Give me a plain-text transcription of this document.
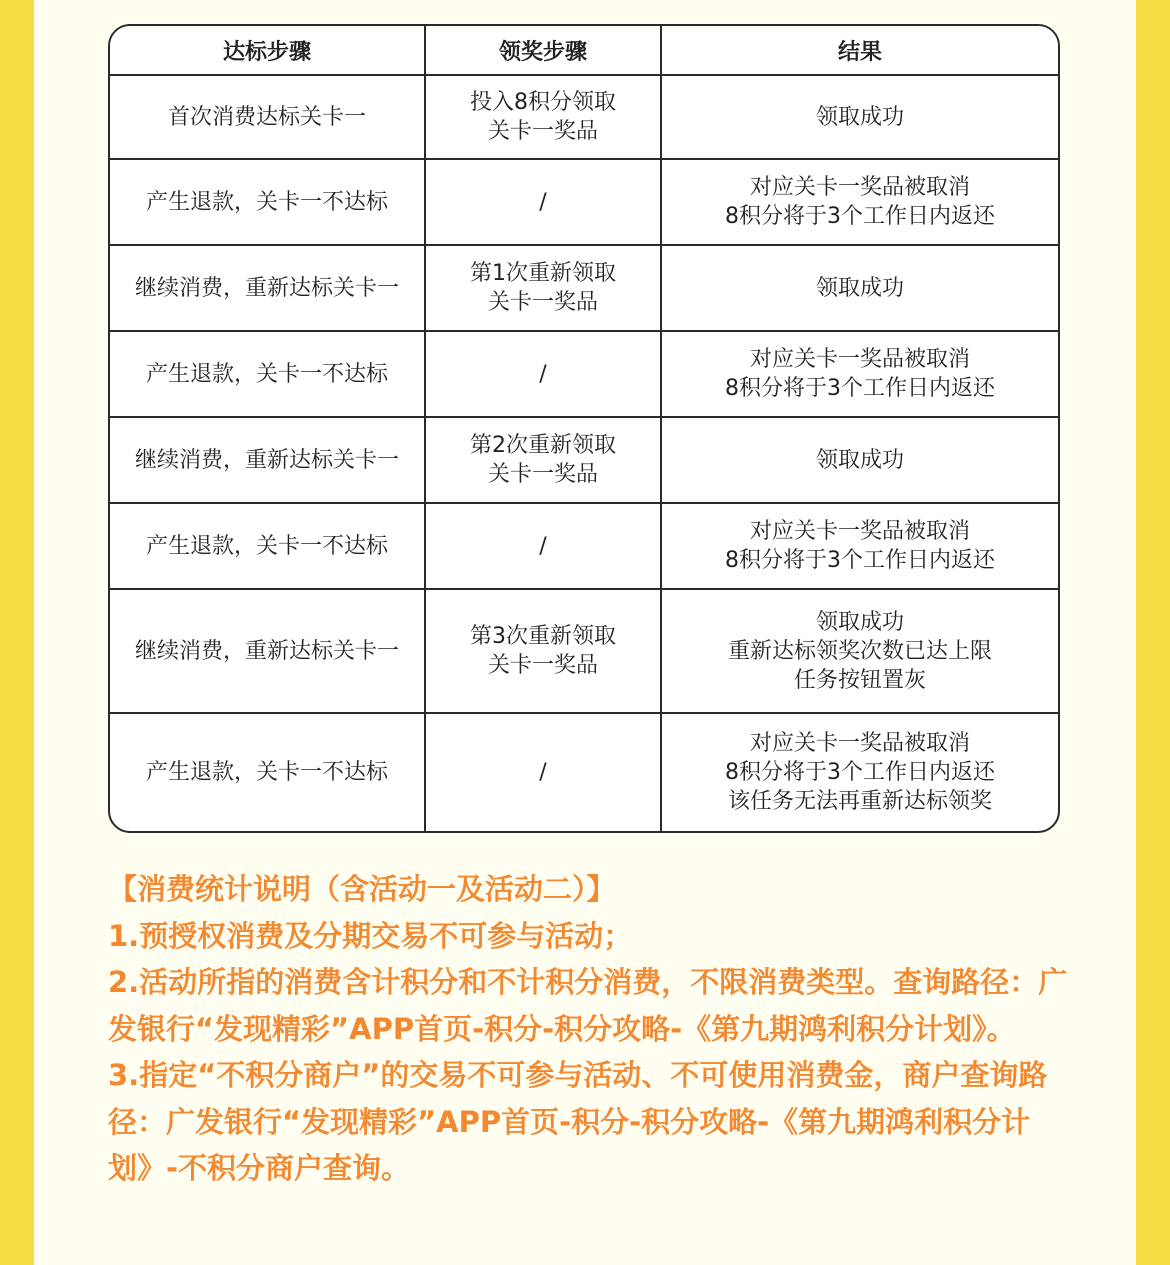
达标步骤	领奖步骤	结果
首次消费达标关卡一	投入8积分领取
关卡一奖品	领取成功

产生退款，关卡一不达标	/	对应关卡一奖品被取消
8积分将于3个工作日内返还

继续消费，重新达标关卡一	第1次重新领取
关卡一奖品	领取成功

产生退款，关卡一不达标	/	对应关卡一奖品被取消
8积分将于3个工作日内返还

继续消费，重新达标关卡一	第2次重新领取
关卡一奖品	领取成功

产生退款，关卡一不达标	/	对应关卡一奖品被取消
8积分将于3个工作日内返还

继续消费，重新达标关卡一	第3次重新领取
关卡一奖品	领取成功
重新达标领奖次数已达上限
任务按钮置灰

产生退款，关卡一不达标	/	对应关卡一奖品被取消
8积分将于3个工作日内返还
该任务无法再重新达标领奖

【消费统计说明（含活动一及活动二）】

1.预授权消费及分期交易不可参与活动；

2.活动所指的消费含计积分和不计积分消费，不限消费类型。查询路径：广发银行“发现精彩”APP首页-积分-积分攻略-《第九期鸿利积分计划》。

3.指定“不积分商户”的交易不可参与活动、不可使用消费金，商户查询路径：广发银行“发现精彩”APP首页-积分-积分攻略-《第九期鸿利积分计划》-不积分商户查询。
